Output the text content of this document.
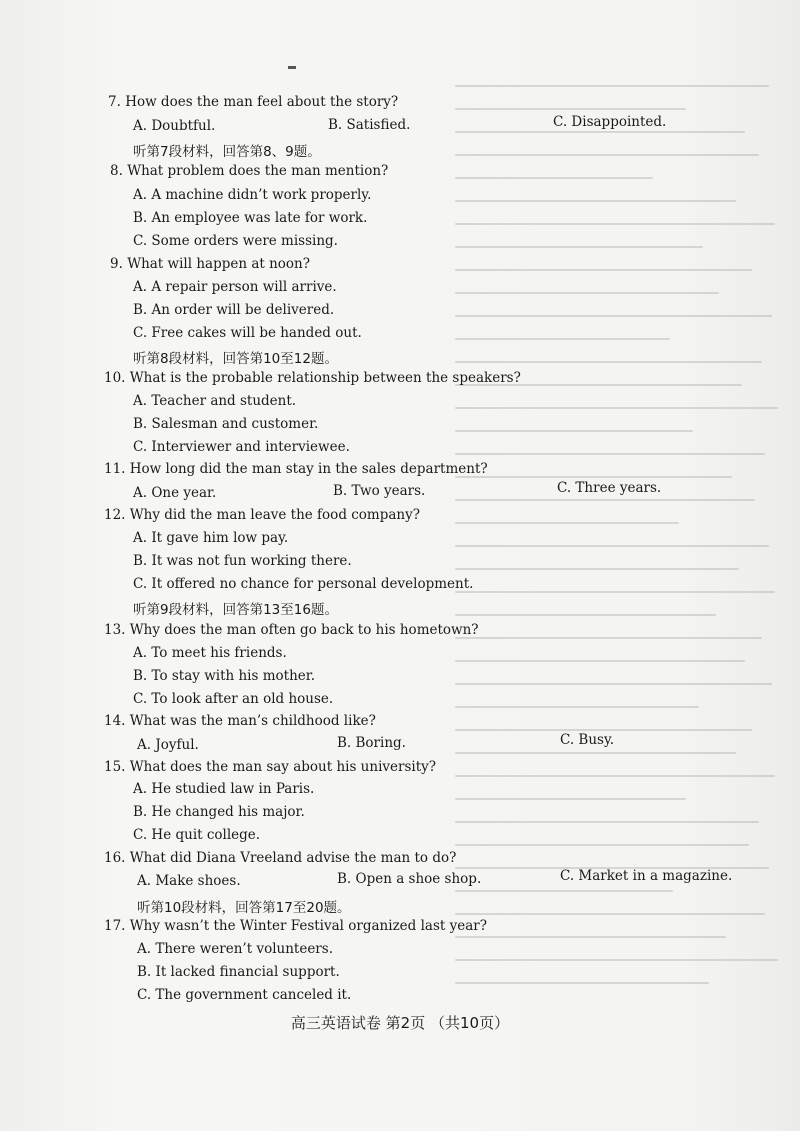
7. How does the man feel about the story?
A. Doubtful.	B. Satisfied.	C. Disappointed.
听第7段材料，回答第8、9题。
8. What problem does the man mention?
A. A machine didn’t work properly.
B. An employee was late for work.
C. Some orders were missing.
9. What will happen at noon?
A. A repair person will arrive.
B. An order will be delivered.
C. Free cakes will be handed out.
听第8段材料，回答第10至12题。
10. What is the probable relationship between the speakers?
A. Teacher and student.
B. Salesman and customer.
C. Interviewer and interviewee.
11. How long did the man stay in the sales department?
A. One year.	B. Two years.	C. Three years.
12. Why did the man leave the food company?
A. It gave him low pay.
B. It was not fun working there.
C. It offered no chance for personal development.
听第9段材料，回答第13至16题。
13. Why does the man often go back to his hometown?
A. To meet his friends.
B. To stay with his mother.
C. To look after an old house.
14. What was the man’s childhood like?
A. Joyful.	B. Boring.	C. Busy.
15. What does the man say about his university?
A. He studied law in Paris.
B. He changed his major.
C. He quit college.
16. What did Diana Vreeland advise the man to do?
A. Make shoes.	B. Open a shoe shop.	C. Market in a magazine.
听第10段材料，回答第17至20题。
17. Why wasn’t the Winter Festival organized last year?
A. There weren’t volunteers.
B. It lacked financial support.
C. The government canceled it.
高三英语试卷 第2页 （共10页）
